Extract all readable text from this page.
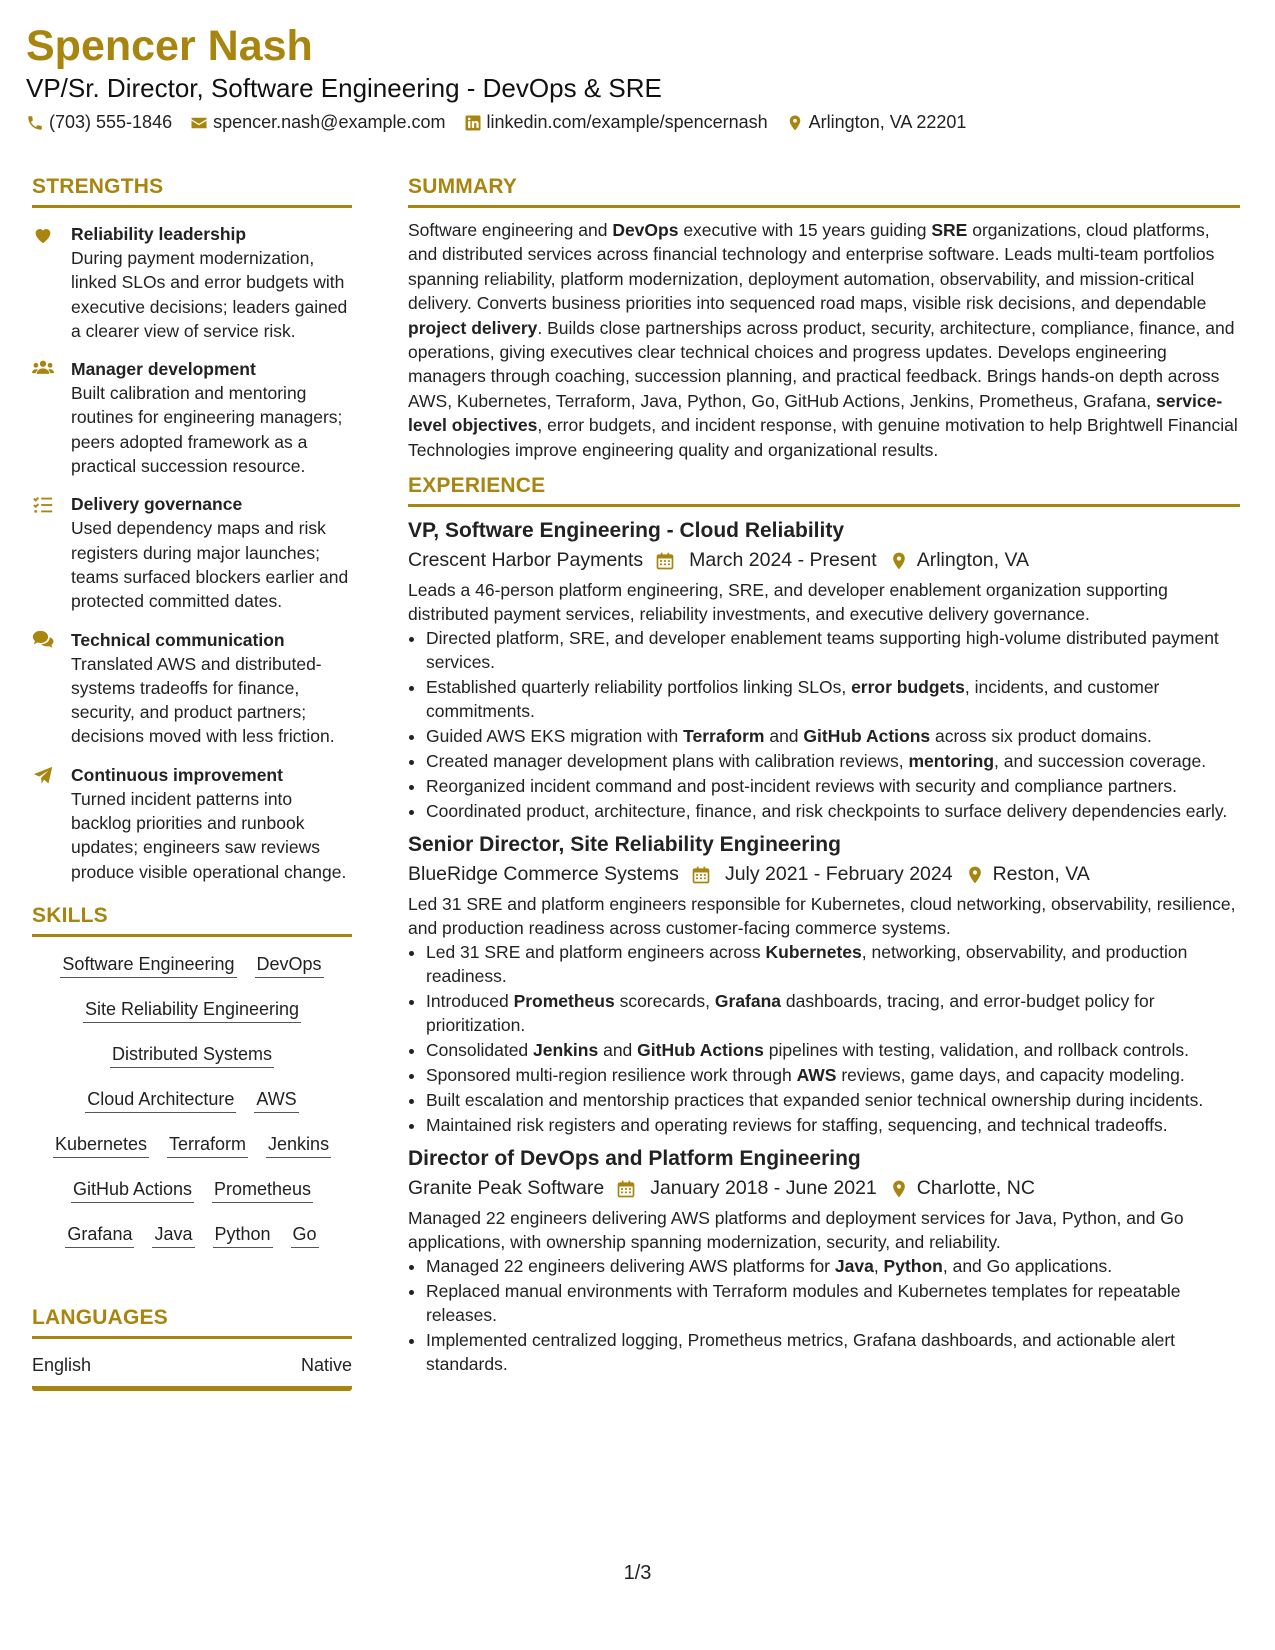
Spencer Nash
VP/Sr. Director, Software Engineering - DevOps & SRE
(703) 555-1846 spencer.nash@example.com linkedin.com/example/spencernash Arlington, VA 22201
STRENGTHS
Reliability leadership
During payment modernization, linked SLOs and error budgets with executive decisions; leaders gained a clearer view of service risk.
Manager development
Built calibration and mentoring routines for engineering managers; peers adopted framework as a practical succession resource.
Delivery governance
Used dependency maps and risk registers during major launches; teams surfaced blockers earlier and protected committed dates.
Technical communication
Translated AWS and distributed-systems tradeoffs for finance, security, and product partners; decisions moved with less friction.
Continuous improvement
Turned incident patterns into backlog priorities and runbook updates; engineers saw reviews produce visible operational change.
SKILLS
Software Engineering DevOps
Site Reliability Engineering
Distributed Systems
Cloud Architecture AWS
Kubernetes Terraform Jenkins
GitHub Actions Prometheus
Grafana Java Python Go
LANGUAGES
English	Native
SUMMARY
Software engineering and DevOps executive with 15 years guiding SRE organizations, cloud platforms, and distributed services across financial technology and enterprise software. Leads multi-team portfolios spanning reliability, platform modernization, deployment automation, observability, and mission-critical delivery. Converts business priorities into sequenced road maps, visible risk decisions, and dependable project delivery. Builds close partnerships across product, security, architecture, compliance, finance, and operations, giving executives clear technical choices and progress updates. Develops engineering managers through coaching, succession planning, and practical feedback. Brings hands-on depth across AWS, Kubernetes, Terraform, Java, Python, Go, GitHub Actions, Jenkins, Prometheus, Grafana, service-level objectives, error budgets, and incident response, with genuine motivation to help Brightwell Financial Technologies improve engineering quality and organizational results.
EXPERIENCE
VP, Software Engineering - Cloud Reliability
Crescent Harbor Payments March 2024 - Present Arlington, VA
Leads a 46-person platform engineering, SRE, and developer enablement organization supporting distributed payment services, reliability investments, and executive delivery governance.
• Directed platform, SRE, and developer enablement teams supporting high-volume distributed payment services.
• Established quarterly reliability portfolios linking SLOs, error budgets, incidents, and customer commitments.
• Guided AWS EKS migration with Terraform and GitHub Actions across six product domains.
• Created manager development plans with calibration reviews, mentoring, and succession coverage.
• Reorganized incident command and post-incident reviews with security and compliance partners.
• Coordinated product, architecture, finance, and risk checkpoints to surface delivery dependencies early.
Senior Director, Site Reliability Engineering
BlueRidge Commerce Systems July 2021 - February 2024 Reston, VA
Led 31 SRE and platform engineers responsible for Kubernetes, cloud networking, observability, resilience, and production readiness across customer-facing commerce systems.
• Led 31 SRE and platform engineers across Kubernetes, networking, observability, and production readiness.
• Introduced Prometheus scorecards, Grafana dashboards, tracing, and error-budget policy for prioritization.
• Consolidated Jenkins and GitHub Actions pipelines with testing, validation, and rollback controls.
• Sponsored multi-region resilience work through AWS reviews, game days, and capacity modeling.
• Built escalation and mentorship practices that expanded senior technical ownership during incidents.
• Maintained risk registers and operating reviews for staffing, sequencing, and technical tradeoffs.
Director of DevOps and Platform Engineering
Granite Peak Software January 2018 - June 2021 Charlotte, NC
Managed 22 engineers delivering AWS platforms and deployment services for Java, Python, and Go applications, with ownership spanning modernization, security, and reliability.
• Managed 22 engineers delivering AWS platforms for Java, Python, and Go applications.
• Replaced manual environments with Terraform modules and Kubernetes templates for repeatable releases.
• Implemented centralized logging, Prometheus metrics, Grafana dashboards, and actionable alert standards.
1/3
